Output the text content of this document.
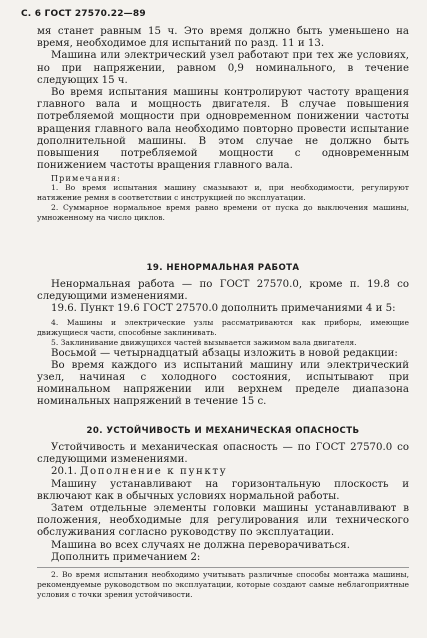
С. 6 ГОСТ 27570.22—89

мя станет равным 15 ч. Это время должно быть уменьшено на время, необходимое для испытаний по разд. 11 и 13.

Машина или электрический узел работают при тех же условиях, но при напряжении, равном 0,9 номинального, в течение следующих 15 ч.

Во время испытания машины контролируют частоту вращения главного вала и мощность двигателя. В случае повышения потребляемой мощности при одновременном понижении частоты вращения главного вала необходимо повторно провести испытание дополнительной машины. В этом случае не должно быть повышения потребляемой мощности с одновременным понижением частоты вращения главного вала.

Примечания:

1. Во время испытания машину смазывают и, при необходимости, регулируют натяжение ремня в соответствии с инструкцией по эксплуатации.

2. Суммарное нормальное время равно времени от пуска до выключения машины, умноженному на число циклов.

19. НЕНОРМАЛЬНАЯ РАБОТА

Ненормальная работа — по ГОСТ 27570.0, кроме п. 19.8 со следующими изменениями.

19.6. Пункт 19.6 ГОСТ 27570.0 дополнить примечаниями 4 и 5:

4. Машины и электрические узлы рассматриваются как приборы, имеющие движущиеся части, способные заклинивать.

5. Заклинивание движущихся частей вызывается зажимом вала двигателя.

Восьмой — четырнадцатый абзацы изложить в новой редакции:

Во время каждого из испытаний машину или электрический узел, начиная с холодного состояния, испытывают при номинальном напряжении или верхнем пределе диапазона номинальных напряжений в течение 15 с.

20. УСТОЙЧИВОСТЬ И МЕХАНИЧЕСКАЯ ОПАСНОСТЬ

Устойчивость и механическая опасность — по ГОСТ 27570.0 со следующими изменениями.

20.1. Дополнение к пункту

Машину устанавливают на горизонтальную плоскость и включают как в обычных условиях нормальной работы.

Затем отдельные элементы головки машины устанавливают в положения, необходимые для регулирования или технического обслуживания согласно руководству по эксплуатации.

Машина во всех случаях не должна переворачиваться.

Дополнить примечанием 2:

2. Во время испытания необходимо учитывать различные способы монтажа машины, рекомендуемые руководством по эксплуатации, которые создают самые неблагоприятные условия с точки зрения устойчивости.
